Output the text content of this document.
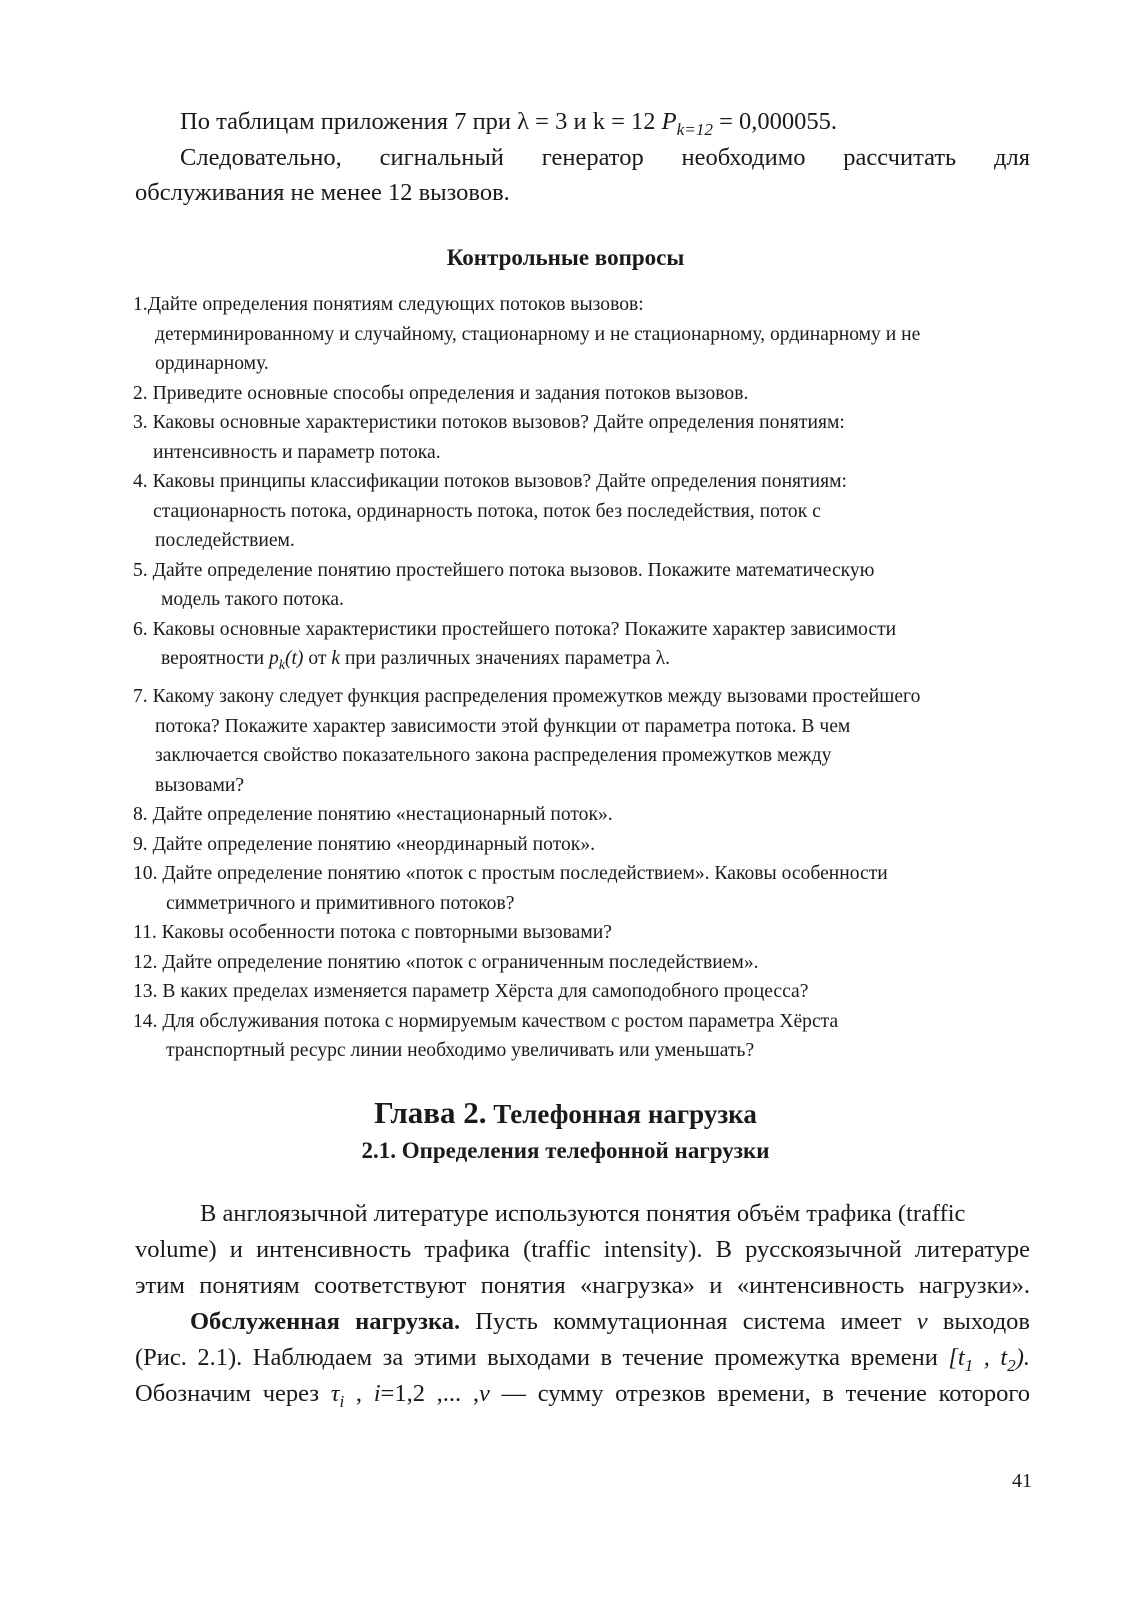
По таблицам приложения 7 при λ = 3 и k = 12 $P_{k=12} = 0,000055$.

Следовательно, сигнальный генератор необходимо рассчитать для

обслуживания не менее 12 вызовов.

Контрольные вопросы

1.Дайте определения понятиям следующих потоков вызовов:
детерминированному и случайному, стационарному и не стационарному, ординарному и не
ординарному.
2. Приведите основные способы определения и задания потоков вызовов.
3. Каковы основные характеристики потоков вызовов? Дайте определения понятиям:
интенсивность и параметр потока.
4. Каковы принципы классификации потоков вызовов? Дайте определения понятиям:
стационарность потока, ординарность потока, поток без последействия, поток с
последействием.
5. Дайте определение понятию простейшего потока вызовов. Покажите математическую
модель такого потока.
6. Каковы основные характеристики простейшего потока? Покажите характер зависимости
вероятности $p_k(t)$ от k при различных значениях параметра λ.
7. Какому закону следует функция распределения промежутков между вызовами простейшего
потока? Покажите характер зависимости этой функции от параметра потока. В чем
заключается свойство показательного закона распределения промежутков между
вызовами?
8. Дайте определение понятию «нестационарный поток».
9. Дайте определение понятию «неординарный поток».
10. Дайте определение понятию «поток с простым последействием». Каковы особенности
симметричного и примитивного потоков?
11. Каковы особенности потока с повторными вызовами?
12. Дайте определение понятию «поток с ограниченным последействием».
13. В каких пределах изменяется параметр Хёрста для самоподобного процесса?
14. Для обслуживания потока с нормируемым качеством с ростом параметра Хёрста
транспортный ресурс линии необходимо увеличивать или уменьшать?

Глава 2. Телефонная нагрузка

2.1. Определения телефонной нагрузки

В англоязычной литературе используются понятия объём трафика (traffic

volume) и интенсивность трафика (traffic intensity). В русскоязычной литературе

этим понятиям соответствуют понятия «нагрузка» и «интенсивность нагрузки».

Обслуженная нагрузка. Пусть коммутационная система имеет v выходов

(Рис. 2.1). Наблюдаем за этими выходами в течение промежутка времени [$t_1$ , $t_2$).

Обозначим через $\tau_i$ , i=1,2 ,... ,v — сумму отрезков времени, в течение которого

41
